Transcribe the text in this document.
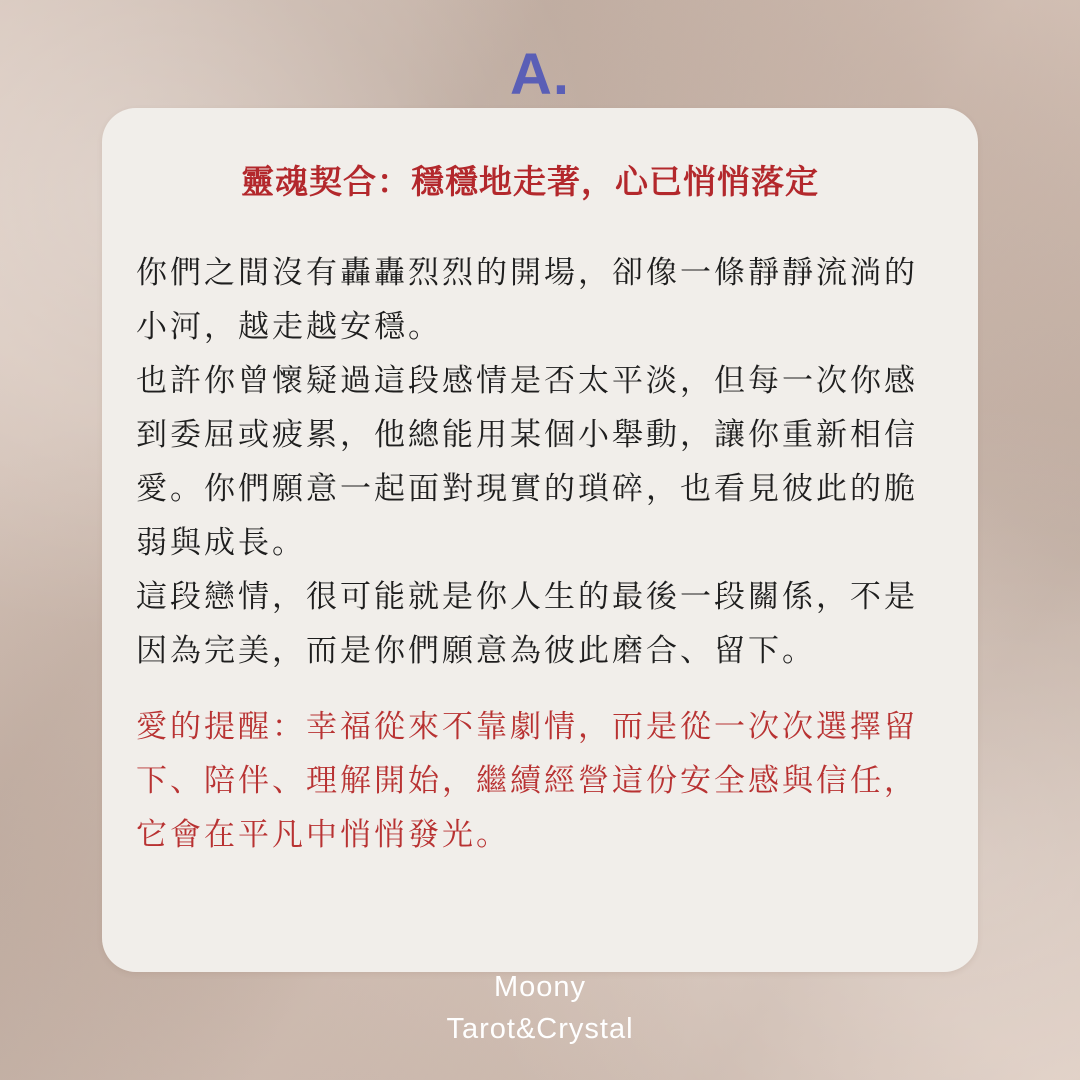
A.
靈魂契合：穩穩地走著，心已悄悄落定

你們之間沒有轟轟烈烈的開場，卻像一條靜靜流淌的小河，越走越安穩。

也許你曾懷疑過這段感情是否太平淡，但每一次你感到委屈或疲累，他總能用某個小舉動，讓你重新相信愛。你們願意一起面對現實的瑣碎，也看見彼此的脆弱與成長。

這段戀情，很可能就是你人生的最後一段關係，不是因為完美，而是你們願意為彼此磨合、留下。

愛的提醒：幸福從來不靠劇情，而是從一次次選擇留下、陪伴、理解開始，繼續經營這份安全感與信任，它會在平凡中悄悄發光。

Moony
Tarot&Crystal
